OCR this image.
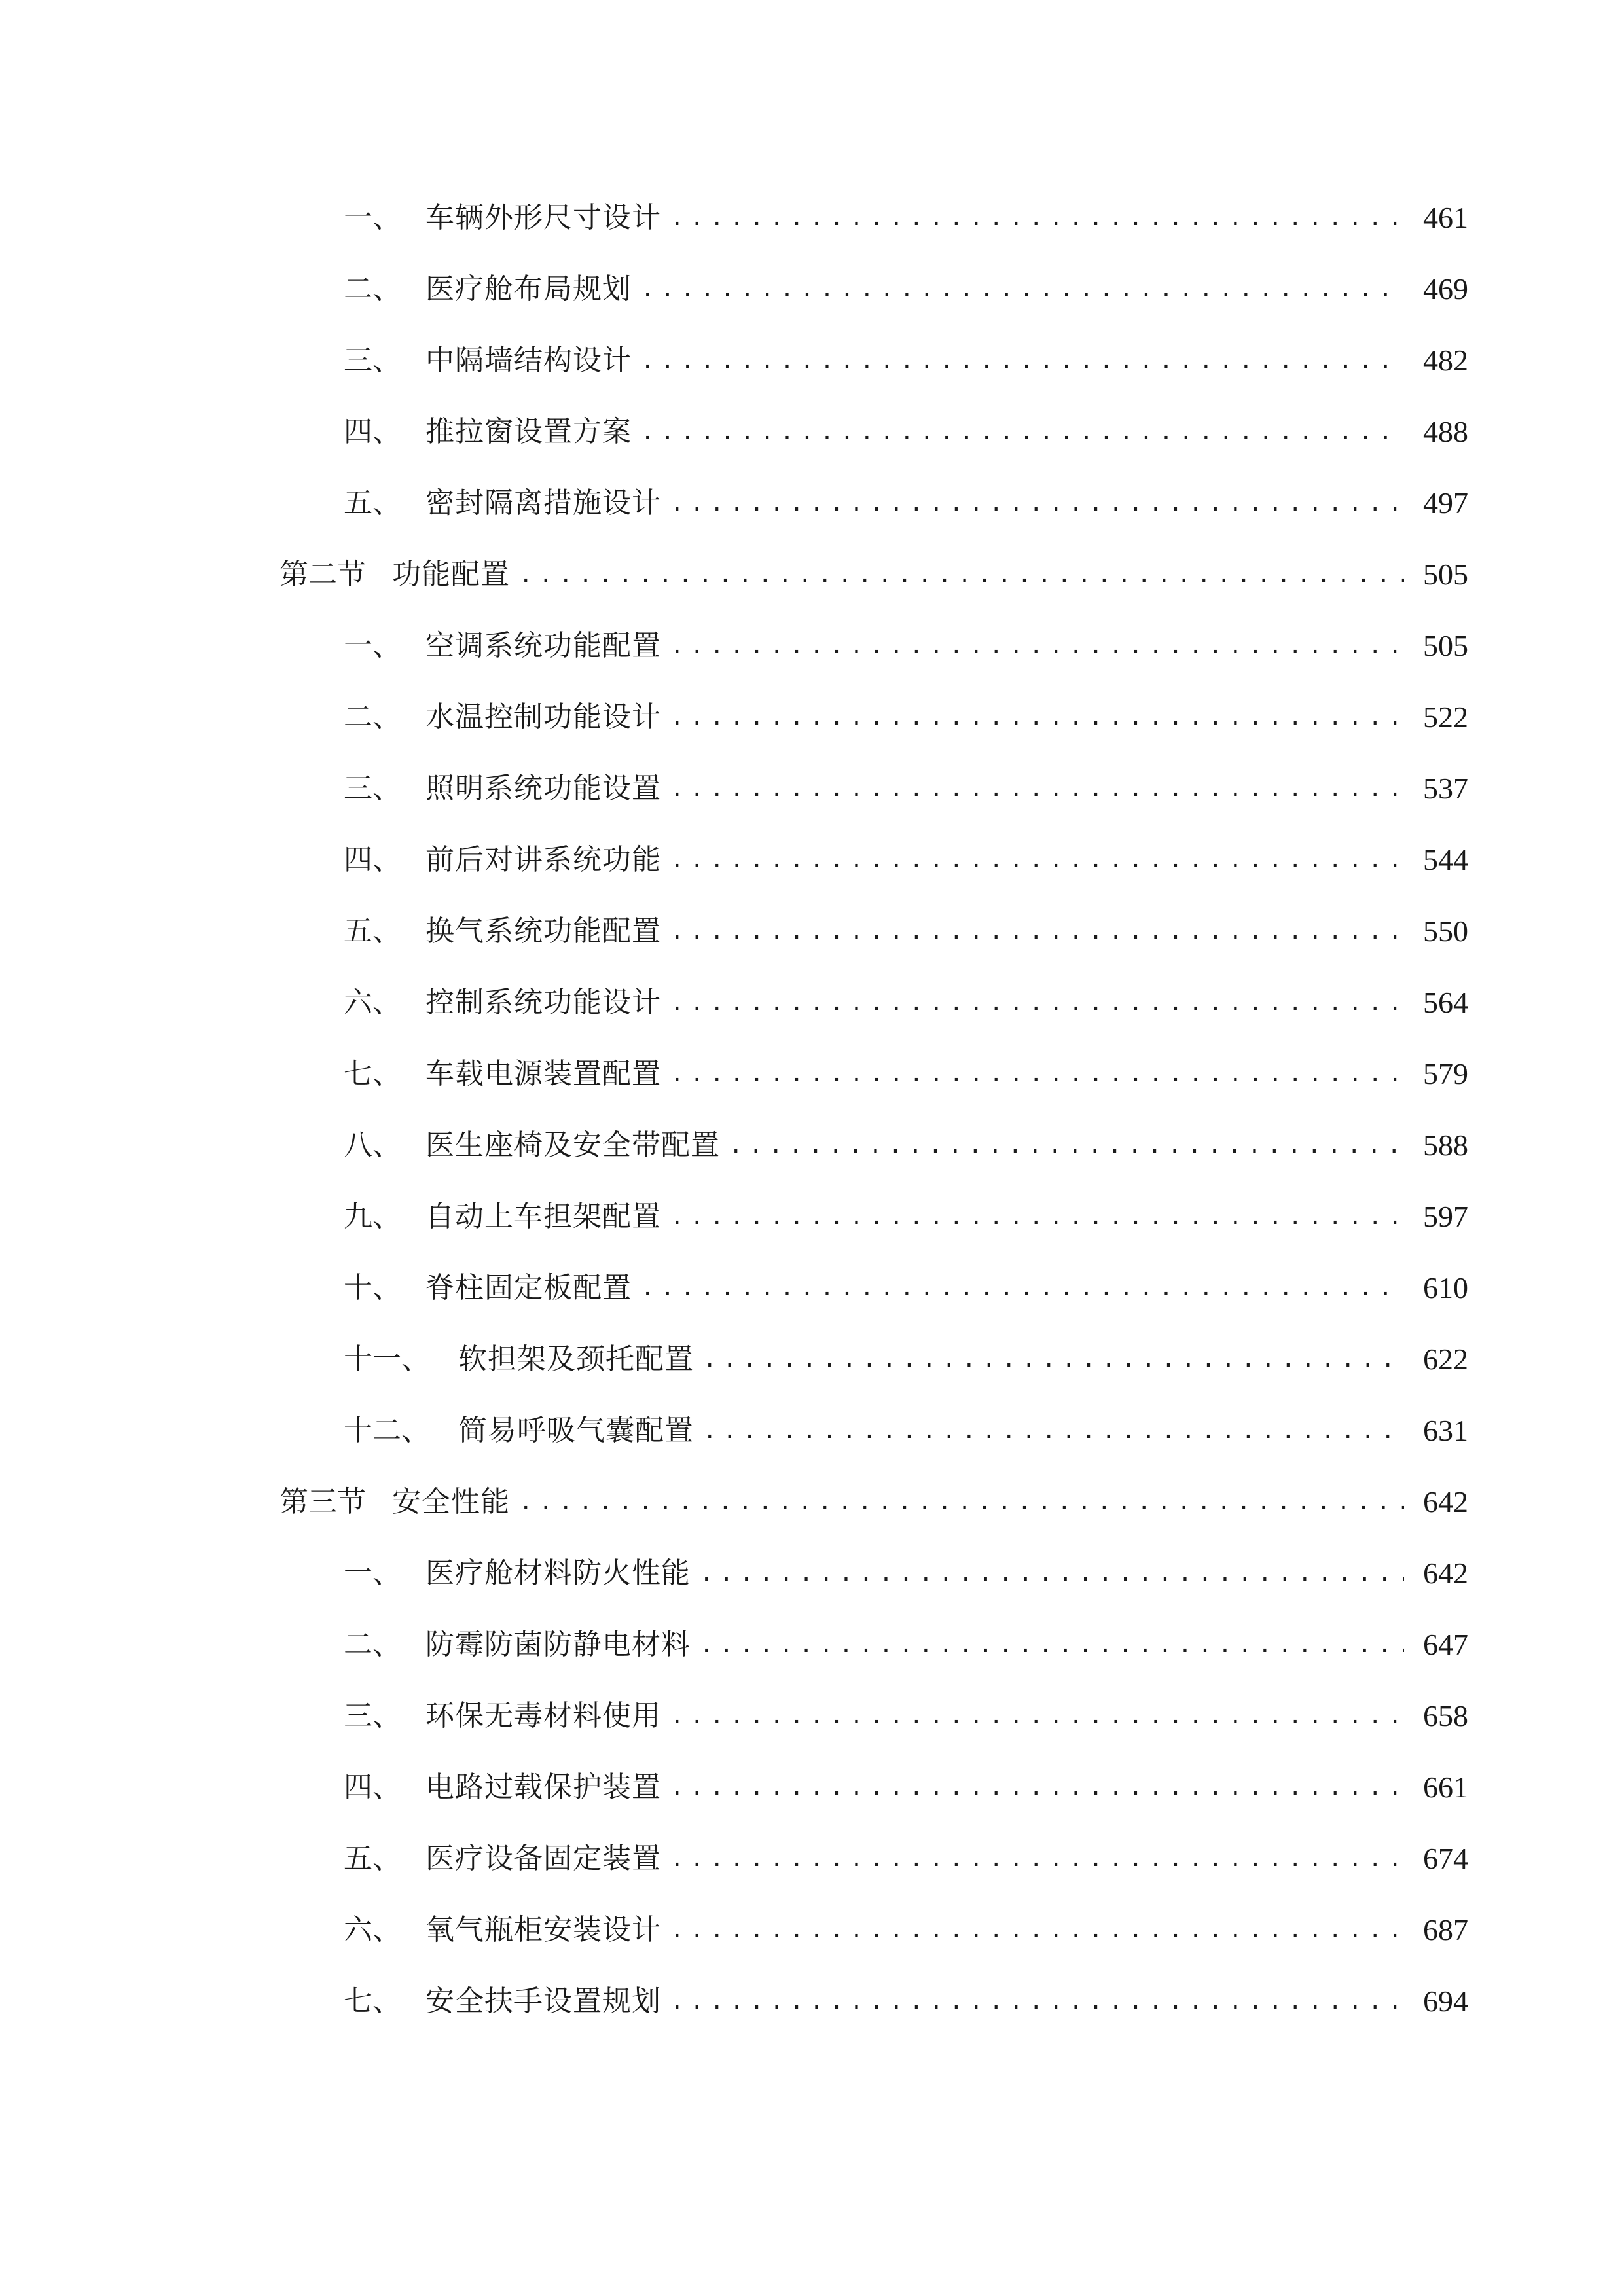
一、 车辆外形尺寸设计 .....	461
二、 医疗舱布局规划 .....	469
三、 中隔墙结构设计 .....	482
四、 推拉窗设置方案 .....	488
五、 密封隔离措施设计 .....	497
第二节 功能配置 .....	505
一、 空调系统功能配置 .....	505
二、 水温控制功能设计 .....	522
三、 照明系统功能设置 .....	537
四、 前后对讲系统功能 .....	544
五、 换气系统功能配置 .....	550
六、 控制系统功能设计 .....	564
七、 车载电源装置配置 .....	579
八、 医生座椅及安全带配置 .....	588
九、 自动上车担架配置 .....	597
十、 脊柱固定板配置 .....	610
十一、 软担架及颈托配置 .....	622
十二、 简易呼吸气囊配置 .....	631
第三节 安全性能 .....	642
一、 医疗舱材料防火性能 .....	642
二、 防霉防菌防静电材料 .....	647
三、 环保无毒材料使用 .....	658
四、 电路过载保护装置 .....	661
五、 医疗设备固定装置 .....	674
六、 氧气瓶柜安装设计 .....	687
七、 安全扶手设置规划 .....	694
